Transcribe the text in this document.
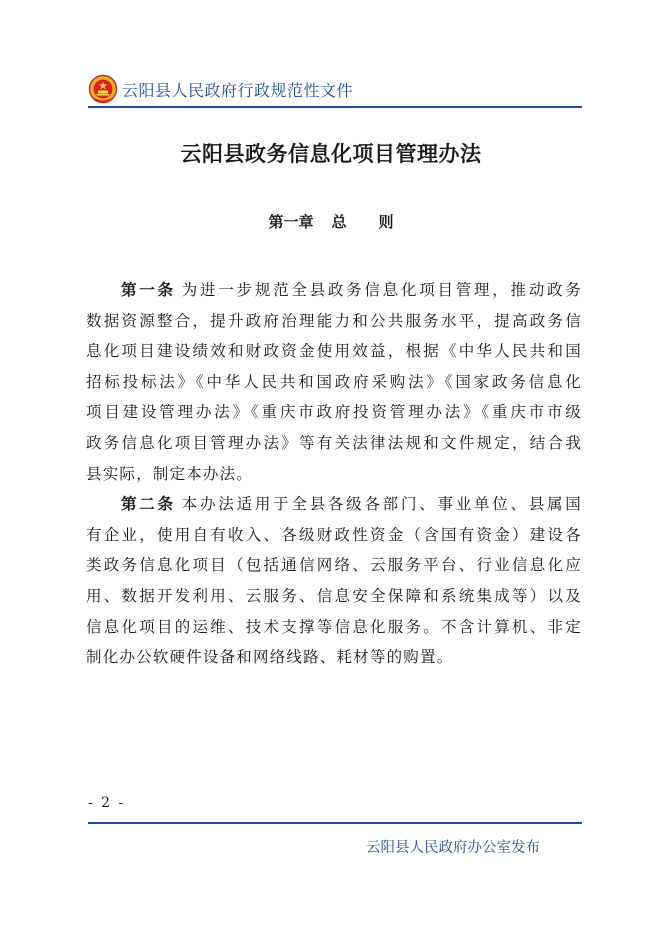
云阳县人民政府行政规范性文件
云阳县政务信息化项目管理办法
第一章 总 则
第一条 为进一步规范全县政务信息化项目管理，推动政务
数据资源整合，提升政府治理能力和公共服务水平，提高政务信
息化项目建设绩效和财政资金使用效益，根据《中华人民共和国
招标投标法》《中华人民共和国政府采购法》《国家政务信息化
项目建设管理办法》《重庆市政府投资管理办法》《重庆市市级
政务信息化项目管理办法》等有关法律法规和文件规定，结合我
县实际，制定本办法。
第二条 本办法适用于全县各级各部门、事业单位、县属国
有企业，使用自有收入、各级财政性资金（含国有资金）建设各
类政务信息化项目（包括通信网络、云服务平台、行业信息化应
用、数据开发利用、云服务、信息安全保障和系统集成等）以及
信息化项目的运维、技术支撑等信息化服务。不含计算机、非定
制化办公软硬件设备和网络线路、耗材等的购置。
- 2 -
云阳县人民政府办公室发布
